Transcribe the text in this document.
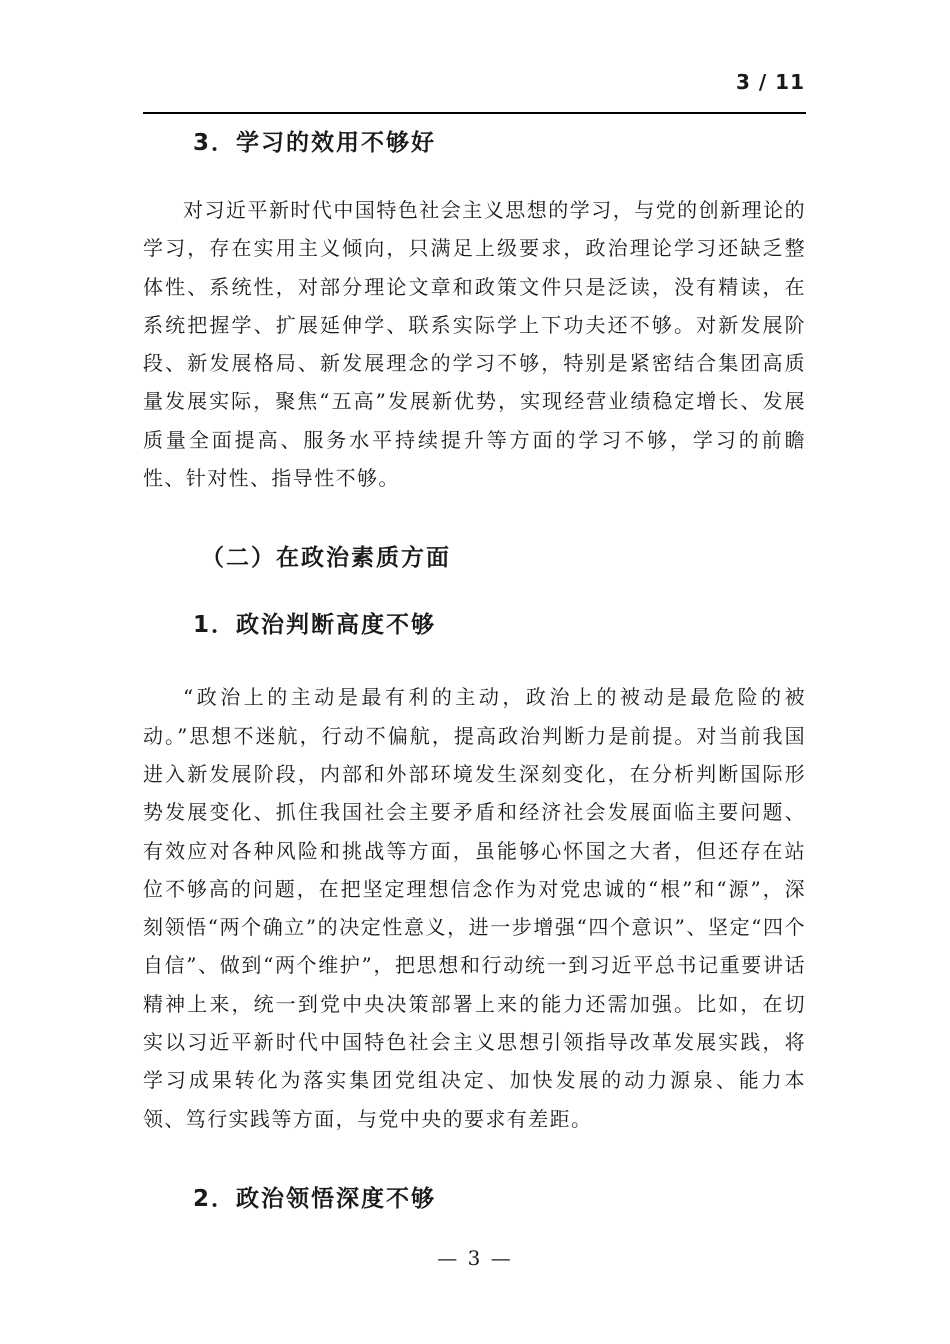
3 / 11
3．学习的效用不够好

对习近平新时代中国特色社会主义思想的学习，与党的创新理论的学习，存在实用主义倾向，只满足上级要求，政治理论学习还缺乏整体性、系统性，对部分理论文章和政策文件只是泛读，没有精读，在系统把握学、扩展延伸学、联系实际学上下功夫还不够。对新发展阶段、新发展格局、新发展理念的学习不够，特别是紧密结合集团高质量发展实际，聚焦“五高”发展新优势，实现经营业绩稳定增长、发展质量全面提高、服务水平持续提升等方面的学习不够，学习的前瞻性、针对性、指导性不够。

（二）在政治素质方面
1．政治判断高度不够

“政治上的主动是最有利的主动，政治上的被动是最危险的被动。”思想不迷航，行动不偏航，提高政治判断力是前提。对当前我国进入新发展阶段，内部和外部环境发生深刻变化，在分析判断国际形势发展变化、抓住我国社会主要矛盾和经济社会发展面临主要问题、有效应对各种风险和挑战等方面，虽能够心怀国之大者，但还存在站位不够高的问题，在把坚定理想信念作为对党忠诚的“根”和“源”，深刻领悟“两个确立”的决定性意义，进一步增强“四个意识”、坚定“四个自信”、做到“两个维护”，把思想和行动统一到习近平总书记重要讲话精神上来，统一到党中央决策部署上来的能力还需加强。比如，在切实以习近平新时代中国特色社会主义思想引领指导改革发展实践，将学习成果转化为落实集团党组决定、加快发展的动力源泉、能力本领、笃行实践等方面，与党中央的要求有差距。

2．政治领悟深度不够
— 3 —
